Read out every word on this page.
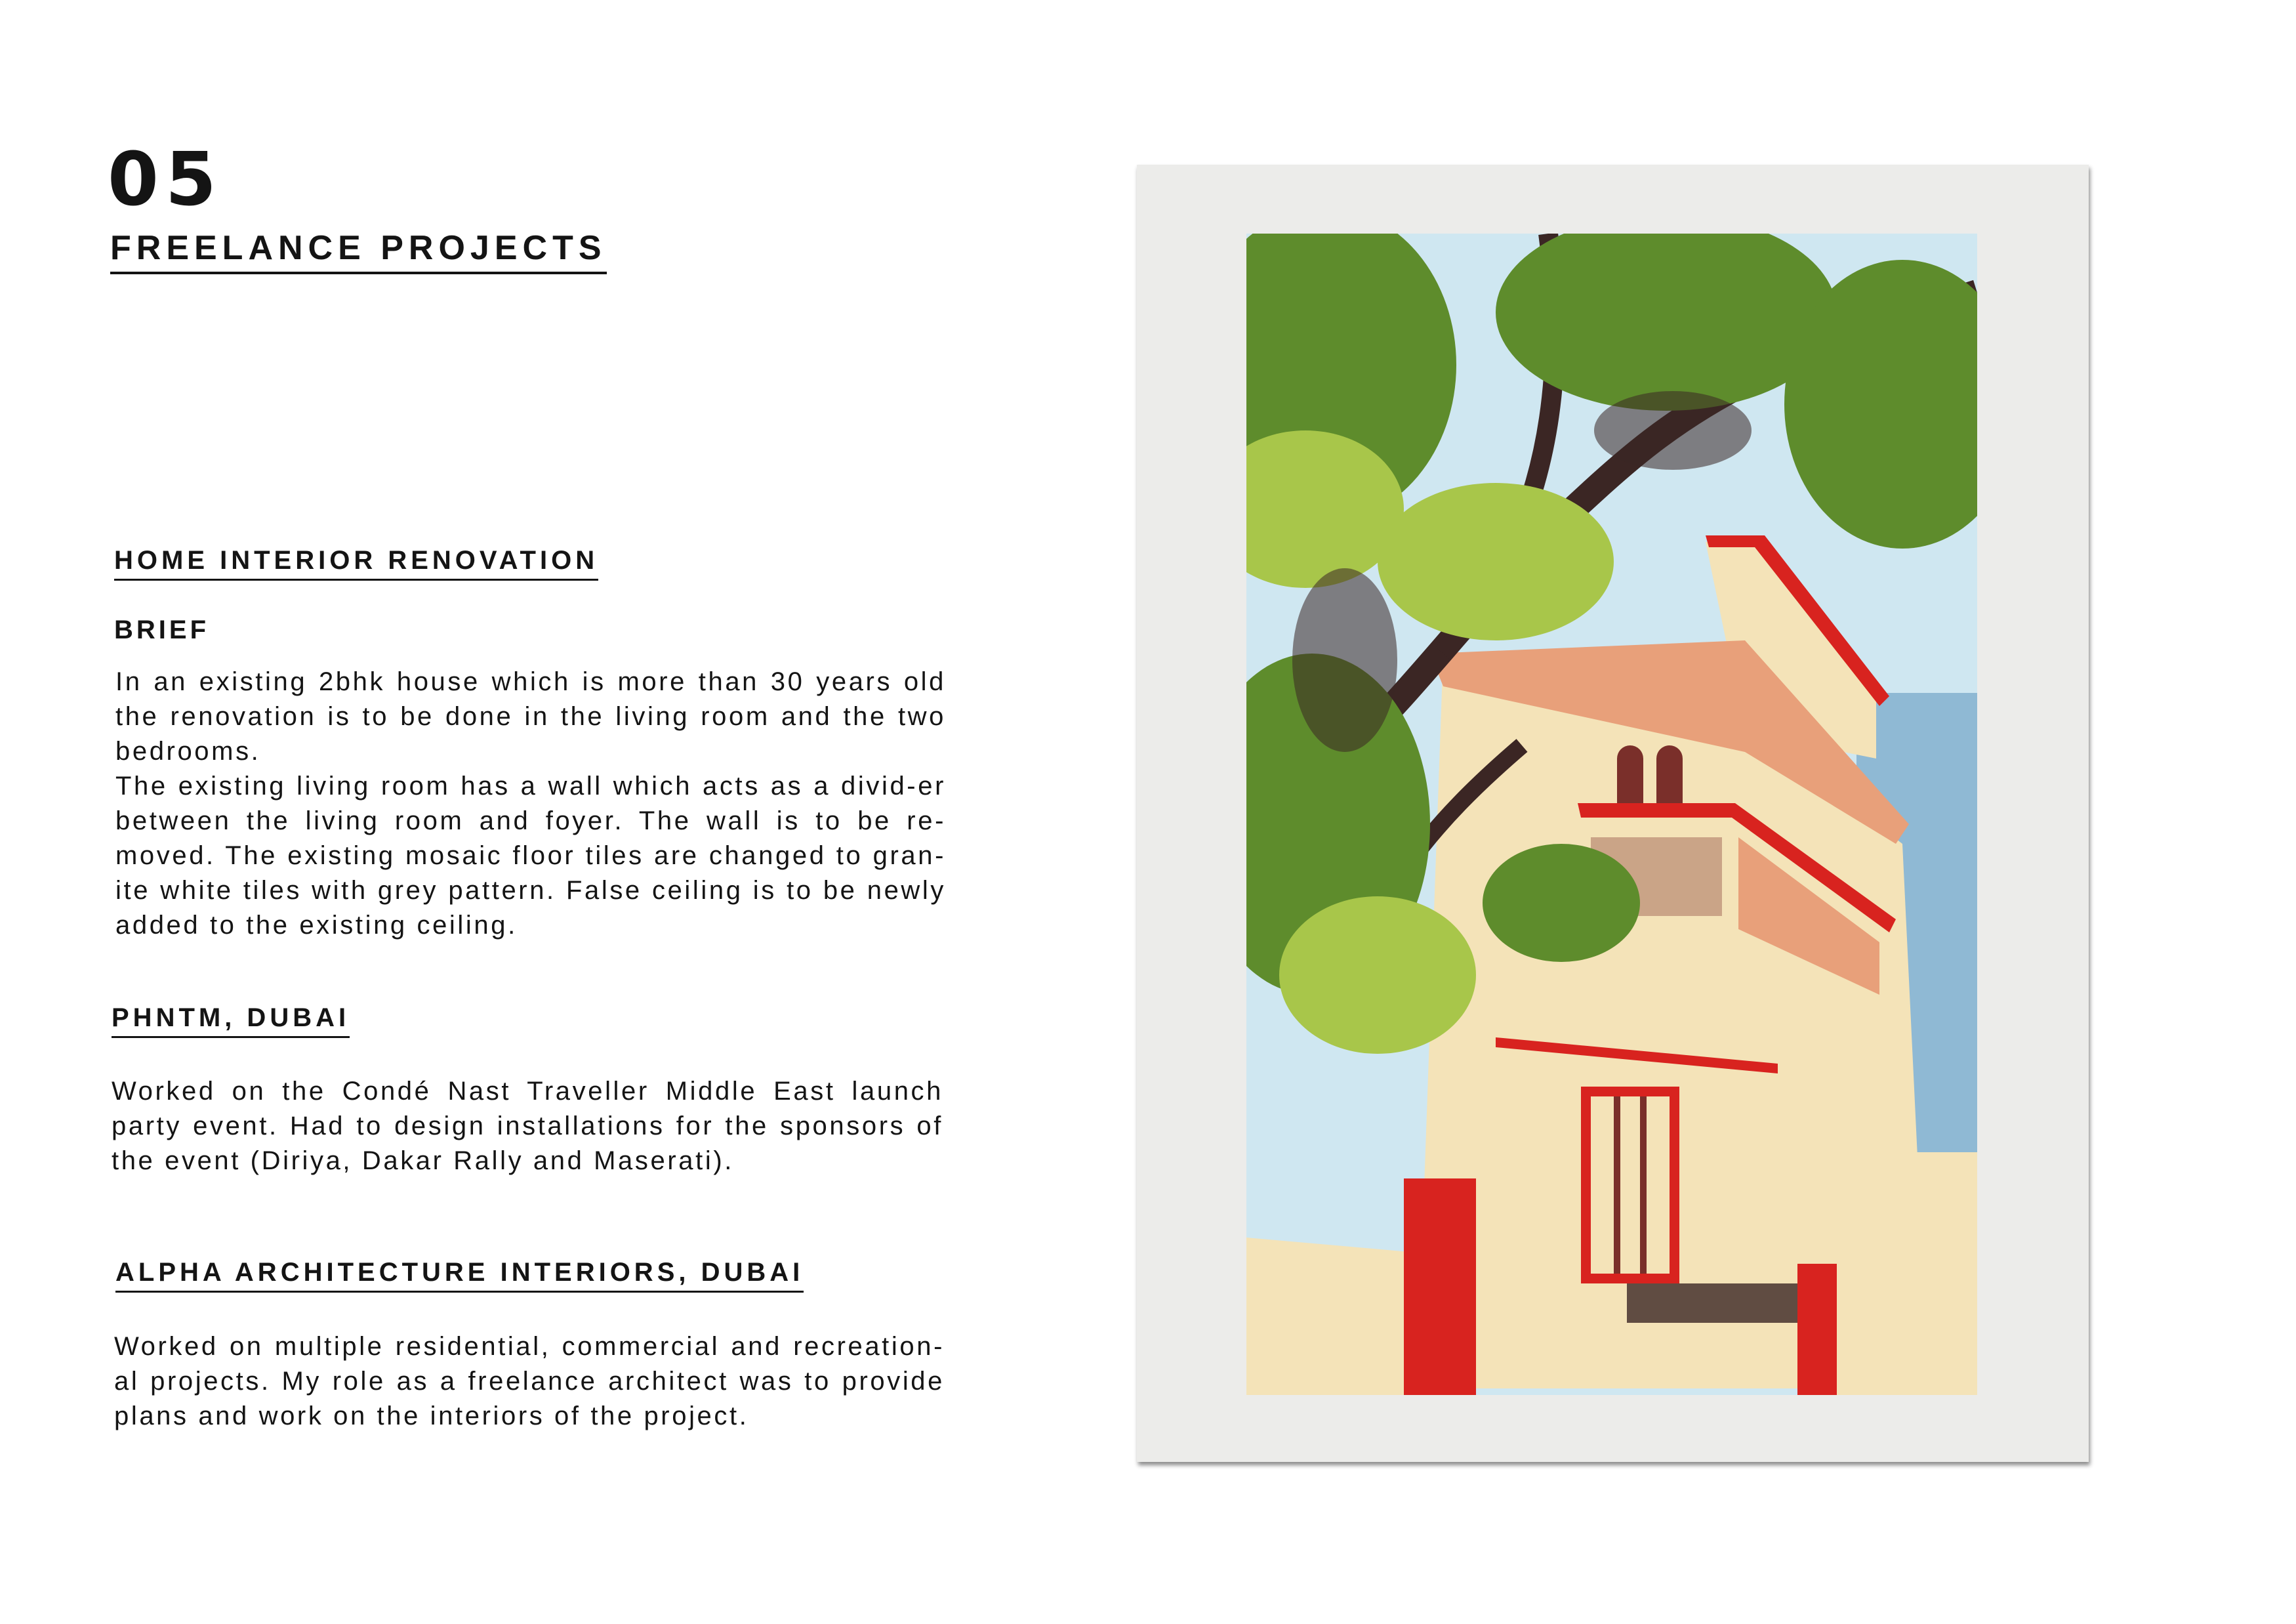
05
FREELANCE PROJECTS
HOME INTERIOR RENOVATION

BRIEF

In an existing 2bhk house which is more than 30 years old the renovation is to be done in the living room and the two bedrooms.
The existing living room has a wall which acts as a divid-er between the living room and foyer. The wall is to be re-moved. The existing mosaic floor tiles are changed to gran-ite white tiles with grey pattern. False ceiling is to be newly added to the existing ceiling.
PHNTM, DUBAI
Worked on the Condé Nast Traveller Middle East launch party event. Had to design installations for the sponsors of the event (Diriya, Dakar Rally and Maserati).
ALPHA ARCHITECTURE INTERIORS, DUBAI
Worked on multiple residential, commercial and recreation-al projects. My role as a freelance architect was to provide plans and work on the interiors of the project.
